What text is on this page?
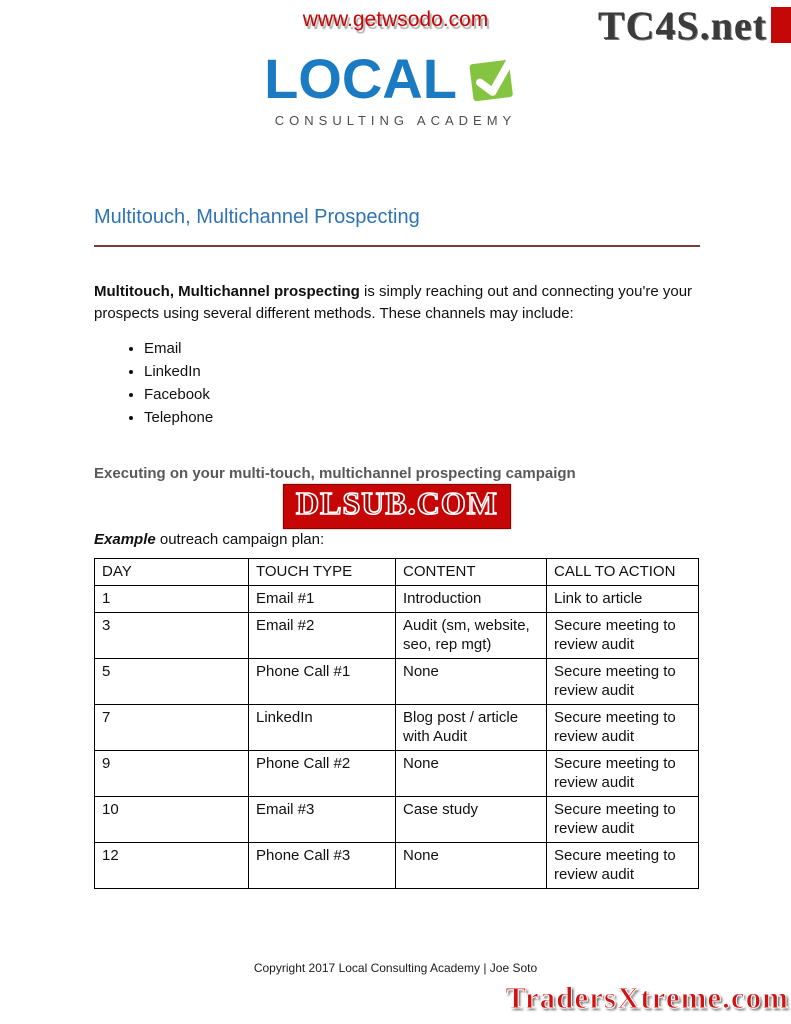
www.getwsodo.com	TC4S.net
LOCAL
CONSULTING ACADEMY
Multitouch, Multichannel Prospecting

Multitouch, Multichannel prospecting is simply reaching out and connecting you're your prospects using several different methods. These channels may include:

• Email
• LinkedIn
• Facebook
• Telephone
Executing on your multi-touch, multichannel prospecting campaign
DLSUB.COM
Example outreach campaign plan:
DAY	TOUCH TYPE	CONTENT	CALL TO ACTION
1	Email #1	Introduction	Link to article
3	Email #2	Audit (sm, website, seo, rep mgt)	Secure meeting to review audit
5	Phone Call #1	None	Secure meeting to review audit
7	LinkedIn	Blog post / article with Audit	Secure meeting to review audit
9	Phone Call #2	None	Secure meeting to review audit
10	Email #3	Case study	Secure meeting to review audit
12	Phone Call #3	None	Secure meeting to review audit
Copyright 2017 Local Consulting Academy | Joe Soto
TradersXtreme.com
